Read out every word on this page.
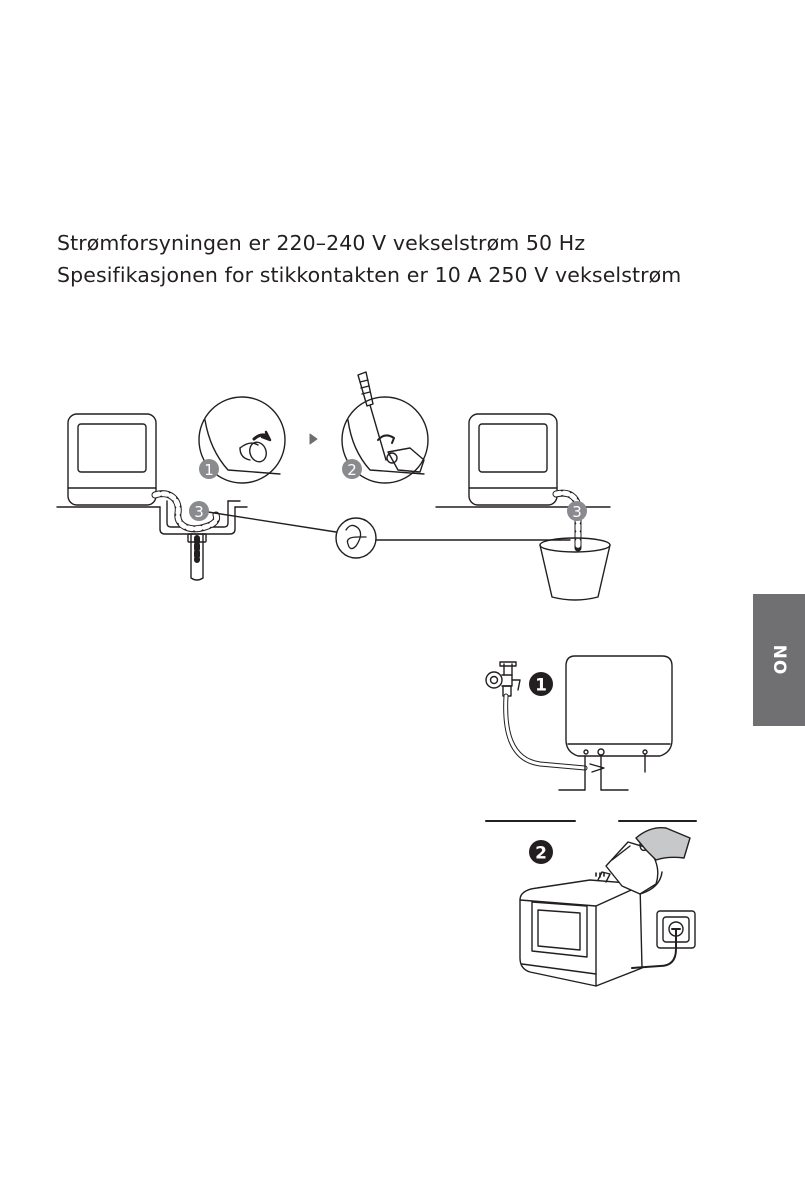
Strømforsyningen er 220–240 V vekselstrøm 50 Hz
Spesifikasjonen for stikkontakten er 10 A 250 V vekselstrøm
1	2
3	3
1
2
NO
